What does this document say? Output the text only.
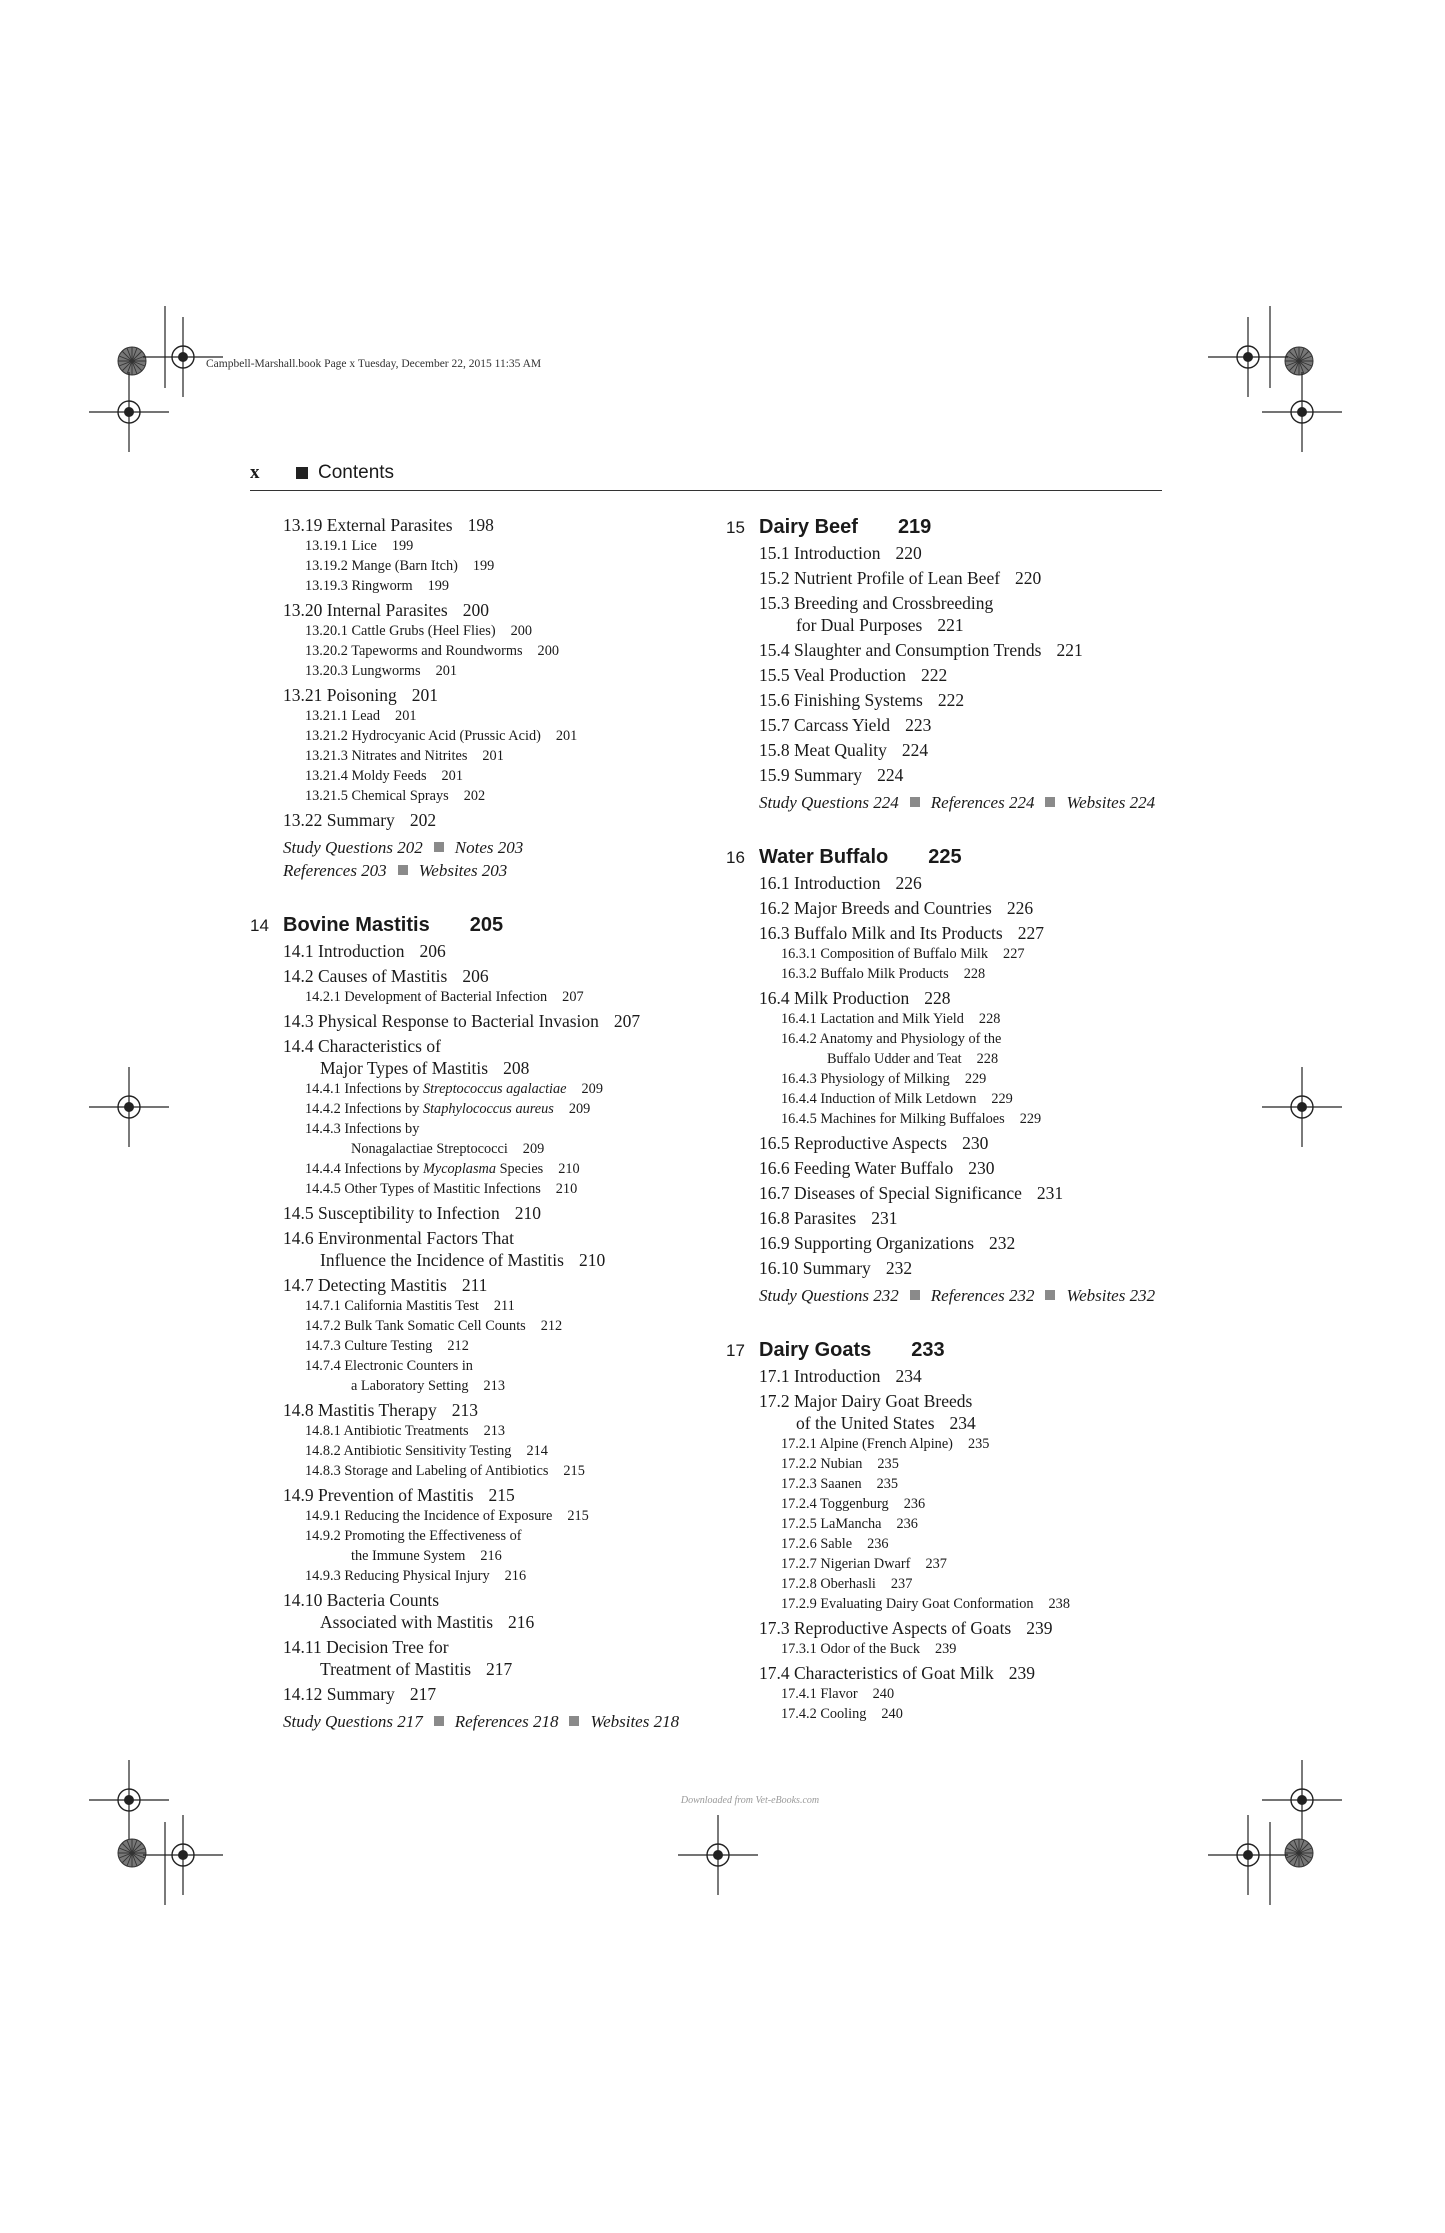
Campbell-Marshall.book Page x Tuesday, December 22, 2015 11:35 AM
x	Contents
13.19 External Parasites 198
13.19.1 Lice 199
13.19.2 Mange (Barn Itch) 199
13.19.3 Ringworm 199
13.20 Internal Parasites 200
13.20.1 Cattle Grubs (Heel Flies) 200
13.20.2 Tapeworms and Roundworms 200
13.20.3 Lungworms 201
13.21 Poisoning 201
13.21.1 Lead 201
13.21.2 Hydrocyanic Acid (Prussic Acid) 201
13.21.3 Nitrates and Nitrites 201
13.21.4 Moldy Feeds 201
13.21.5 Chemical Sprays 202
13.22 Summary 202
Study Questions 202 Notes 203
References 203 Websites 203
14 Bovine Mastitis 205
14.1 Introduction 206
14.2 Causes of Mastitis 206
14.2.1 Development of Bacterial Infection 207
14.3 Physical Response to Bacterial Invasion 207
14.4 Characteristics of
Major Types of Mastitis 208
14.4.1 Infections by Streptococcus agalactiae 209
14.4.2 Infections by Staphylococcus aureus 209
14.4.3 Infections by
Nonagalactiae Streptococci 209
14.4.4 Infections by Mycoplasma Species 210
14.4.5 Other Types of Mastitic Infections 210
14.5 Susceptibility to Infection 210
14.6 Environmental Factors That
Influence the Incidence of Mastitis 210
14.7 Detecting Mastitis 211
14.7.1 California Mastitis Test 211
14.7.2 Bulk Tank Somatic Cell Counts 212
14.7.3 Culture Testing 212
14.7.4 Electronic Counters in
a Laboratory Setting 213
14.8 Mastitis Therapy 213
14.8.1 Antibiotic Treatments 213
14.8.2 Antibiotic Sensitivity Testing 214
14.8.3 Storage and Labeling of Antibiotics 215
14.9 Prevention of Mastitis 215
14.9.1 Reducing the Incidence of Exposure 215
14.9.2 Promoting the Effectiveness of
the Immune System 216
14.9.3 Reducing Physical Injury 216
14.10 Bacteria Counts
Associated with Mastitis 216
14.11 Decision Tree for
Treatment of Mastitis 217
14.12 Summary 217
Study Questions 217 References 218 Websites 218
15 Dairy Beef 219
15.1 Introduction 220
15.2 Nutrient Profile of Lean Beef 220
15.3 Breeding and Crossbreeding
for Dual Purposes 221
15.4 Slaughter and Consumption Trends 221
15.5 Veal Production 222
15.6 Finishing Systems 222
15.7 Carcass Yield 223
15.8 Meat Quality 224
15.9 Summary 224
Study Questions 224 References 224 Websites 224
16 Water Buffalo 225
16.1 Introduction 226
16.2 Major Breeds and Countries 226
16.3 Buffalo Milk and Its Products 227
16.3.1 Composition of Buffalo Milk 227
16.3.2 Buffalo Milk Products 228
16.4 Milk Production 228
16.4.1 Lactation and Milk Yield 228
16.4.2 Anatomy and Physiology of the
Buffalo Udder and Teat 228
16.4.3 Physiology of Milking 229
16.4.4 Induction of Milk Letdown 229
16.4.5 Machines for Milking Buffaloes 229
16.5 Reproductive Aspects 230
16.6 Feeding Water Buffalo 230
16.7 Diseases of Special Significance 231
16.8 Parasites 231
16.9 Supporting Organizations 232
16.10 Summary 232
Study Questions 232 References 232 Websites 232
17 Dairy Goats 233
17.1 Introduction 234
17.2 Major Dairy Goat Breeds
of the United States 234
17.2.1 Alpine (French Alpine) 235
17.2.2 Nubian 235
17.2.3 Saanen 235
17.2.4 Toggenburg 236
17.2.5 LaMancha 236
17.2.6 Sable 236
17.2.7 Nigerian Dwarf 237
17.2.8 Oberhasli 237
17.2.9 Evaluating Dairy Goat Conformation 238
17.3 Reproductive Aspects of Goats 239
17.3.1 Odor of the Buck 239
17.4 Characteristics of Goat Milk 239
17.4.1 Flavor 240
17.4.2 Cooling 240
Downloaded from Vet-eBooks.com
